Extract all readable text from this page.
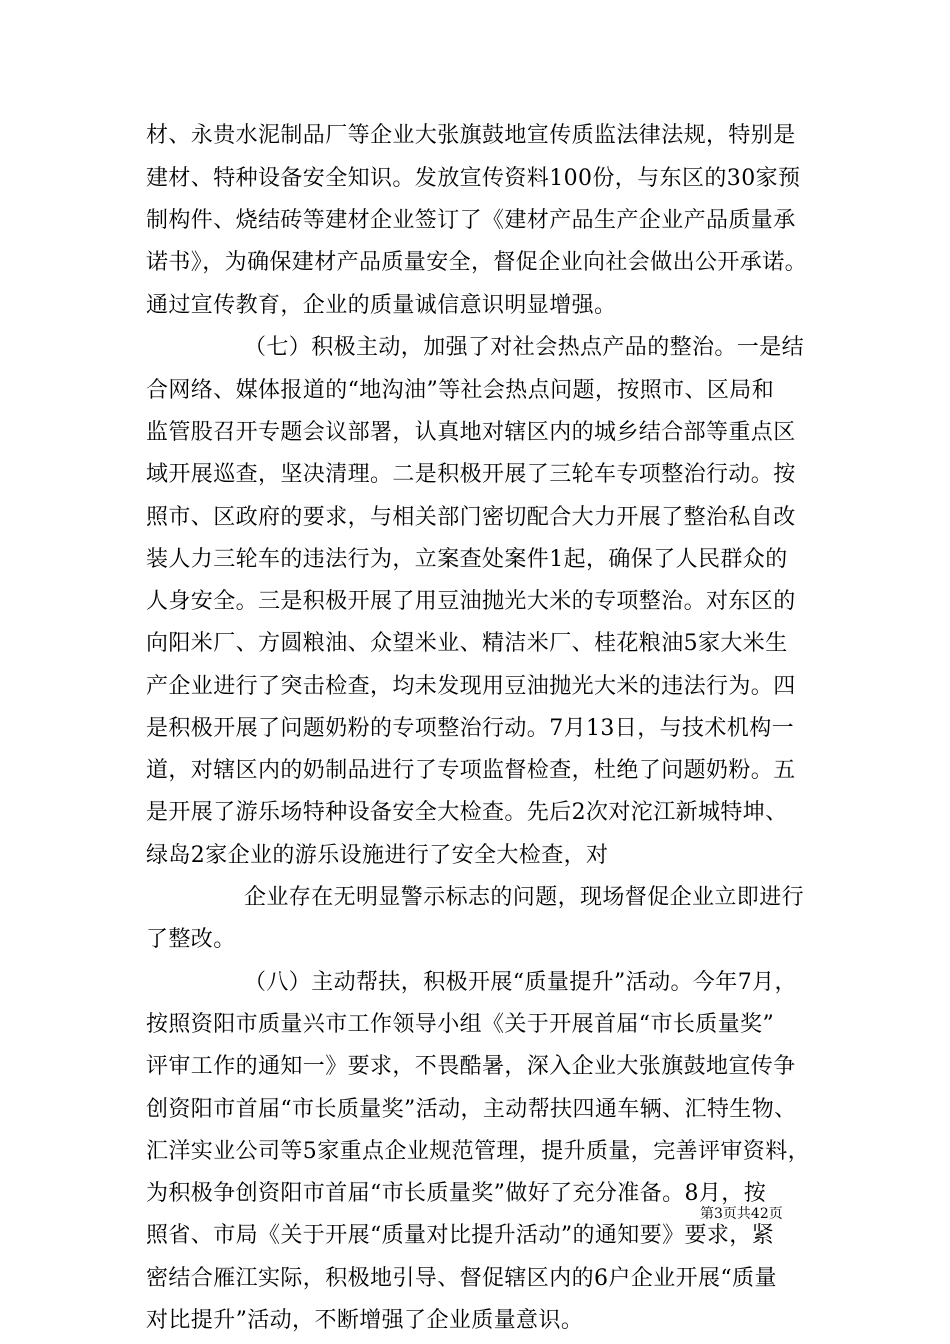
材、永贵水泥制品厂等企业大张旗鼓地宣传质监法律法规，特别是
建材、特种设备安全知识。发放宣传资料100份，与东区的30家预
制构件、烧结砖等建材企业签订了《建材产品生产企业产品质量承
诺书》，为确保建材产品质量安全，督促企业向社会做出公开承诺。
通过宣传教育，企业的质量诚信意识明显增强。
（七）积极主动，加强了对社会热点产品的整治。一是结
合网络、媒体报道的“地沟油”等社会热点问题，按照市、区局和
监管股召开专题会议部署，认真地对辖区内的城乡结合部等重点区
域开展巡查，坚决清理。二是积极开展了三轮车专项整治行动。按
照市、区政府的要求，与相关部门密切配合大力开展了整治私自改
装人力三轮车的违法行为，立案查处案件1起，确保了人民群众的
人身安全。三是积极开展了用豆油抛光大米的专项整治。对东区的
向阳米厂、方圆粮油、众望米业、精洁米厂、桂花粮油5家大米生
产企业进行了突击检查，均未发现用豆油抛光大米的违法行为。四
是积极开展了问题奶粉的专项整治行动。7月13日，与技术机构一
道，对辖区内的奶制品进行了专项监督检查，杜绝了问题奶粉。五
是开展了游乐场特种设备安全大检查。先后2次对沱江新城特坤、
绿岛2家企业的游乐设施进行了安全大检查，对
企业存在无明显警示标志的问题，现场督促企业立即进行
了整改。
（八）主动帮扶，积极开展“质量提升”活动。今年7月，
按照资阳市质量兴市工作领导小组《关于开展首届“市长质量奖”
评审工作的通知一》要求，不畏酷暑，深入企业大张旗鼓地宣传争
创资阳市首届“市长质量奖”活动，主动帮扶四通车辆、汇特生物、
汇洋实业公司等5家重点企业规范管理，提升质量，完善评审资料，
为积极争创资阳市首届“市长质量奖”做好了充分准备。8月，按
照省、市局《关于开展“质量对比提升活动”的通知要》要求，紧
密结合雁江实际，积极地引导、督促辖区内的6户企业开展“质量
对比提升”活动，不断增强了企业质量意识。
第3页共42页
